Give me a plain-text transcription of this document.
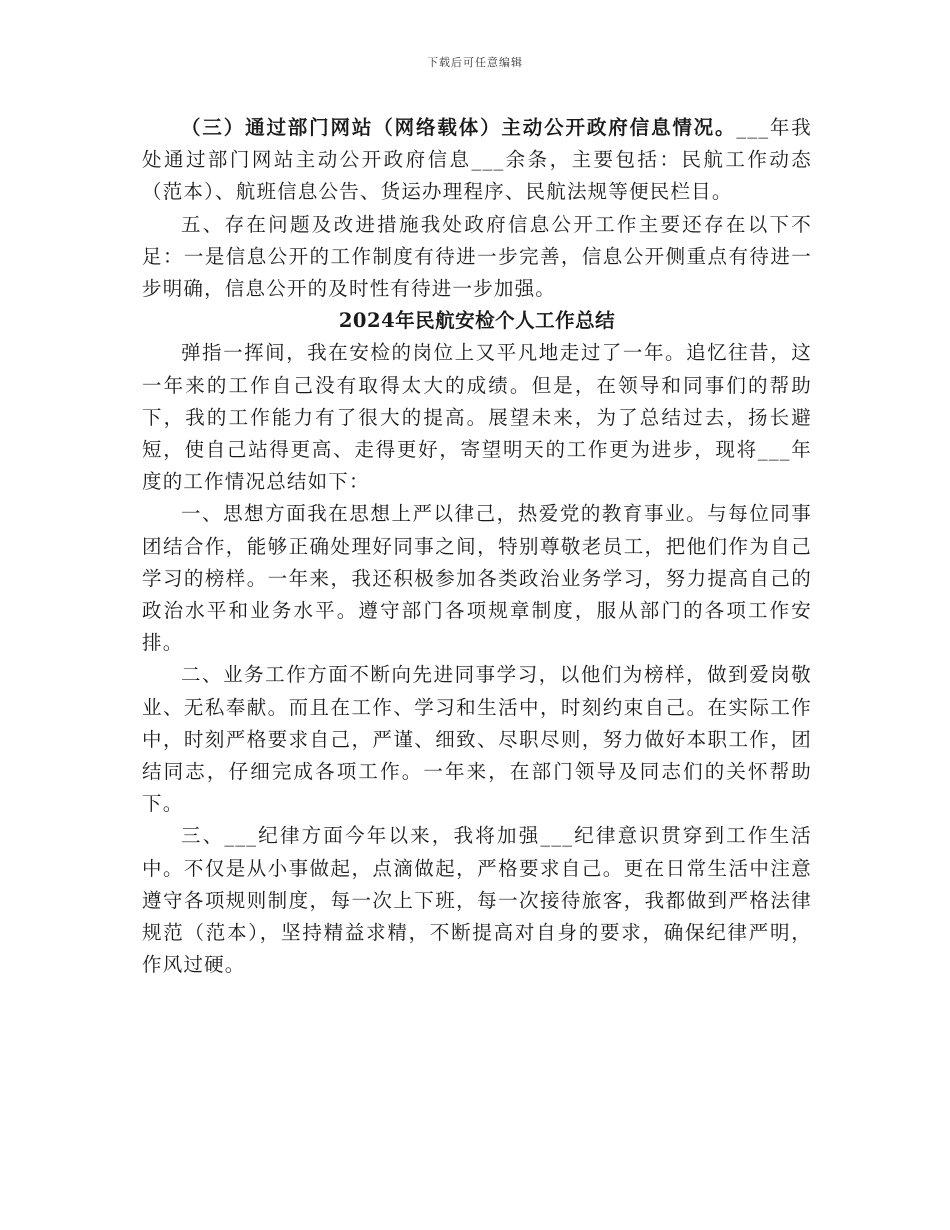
下载后可任意编辑

（三）通过部门网站（网络载体）主动公开政府信息情况。___年我处通过部门网站主动公开政府信息___余条，主要包括：民航工作动态（范本）、航班信息公告、货运办理程序、民航法规等便民栏目。

五、存在问题及改进措施我处政府信息公开工作主要还存在以下不足：一是信息公开的工作制度有待进一步完善，信息公开侧重点有待进一步明确，信息公开的及时性有待进一步加强。

2024年民航安检个人工作总结

弹指一挥间，我在安检的岗位上又平凡地走过了一年。追忆往昔，这一年来的工作自己没有取得太大的成绩。但是，在领导和同事们的帮助下，我的工作能力有了很大的提高。展望未来，为了总结过去，扬长避短，使自己站得更高、走得更好，寄望明天的工作更为进步，现将___年度的工作情况总结如下：

一、思想方面我在思想上严以律己，热爱党的教育事业。与每位同事团结合作，能够正确处理好同事之间，特别尊敬老员工，把他们作为自己学习的榜样。一年来，我还积极参加各类政治业务学习，努力提高自己的政治水平和业务水平。遵守部门各项规章制度，服从部门的各项工作安排。

二、业务工作方面不断向先进同事学习，以他们为榜样，做到爱岗敬业、无私奉献。而且在工作、学习和生活中，时刻约束自己。在实际工作中，时刻严格要求自己，严谨、细致、尽职尽则，努力做好本职工作，团结同志，仔细完成各项工作。一年来，在部门领导及同志们的关怀帮助下。

三、___纪律方面今年以来，我将加强___纪律意识贯穿到工作生活中。不仅是从小事做起，点滴做起，严格要求自己。更在日常生活中注意遵守各项规则制度，每一次上下班，每一次接待旅客，我都做到严格法律规范（范本），坚持精益求精，不断提高对自身的要求，确保纪律严明，作风过硬。
